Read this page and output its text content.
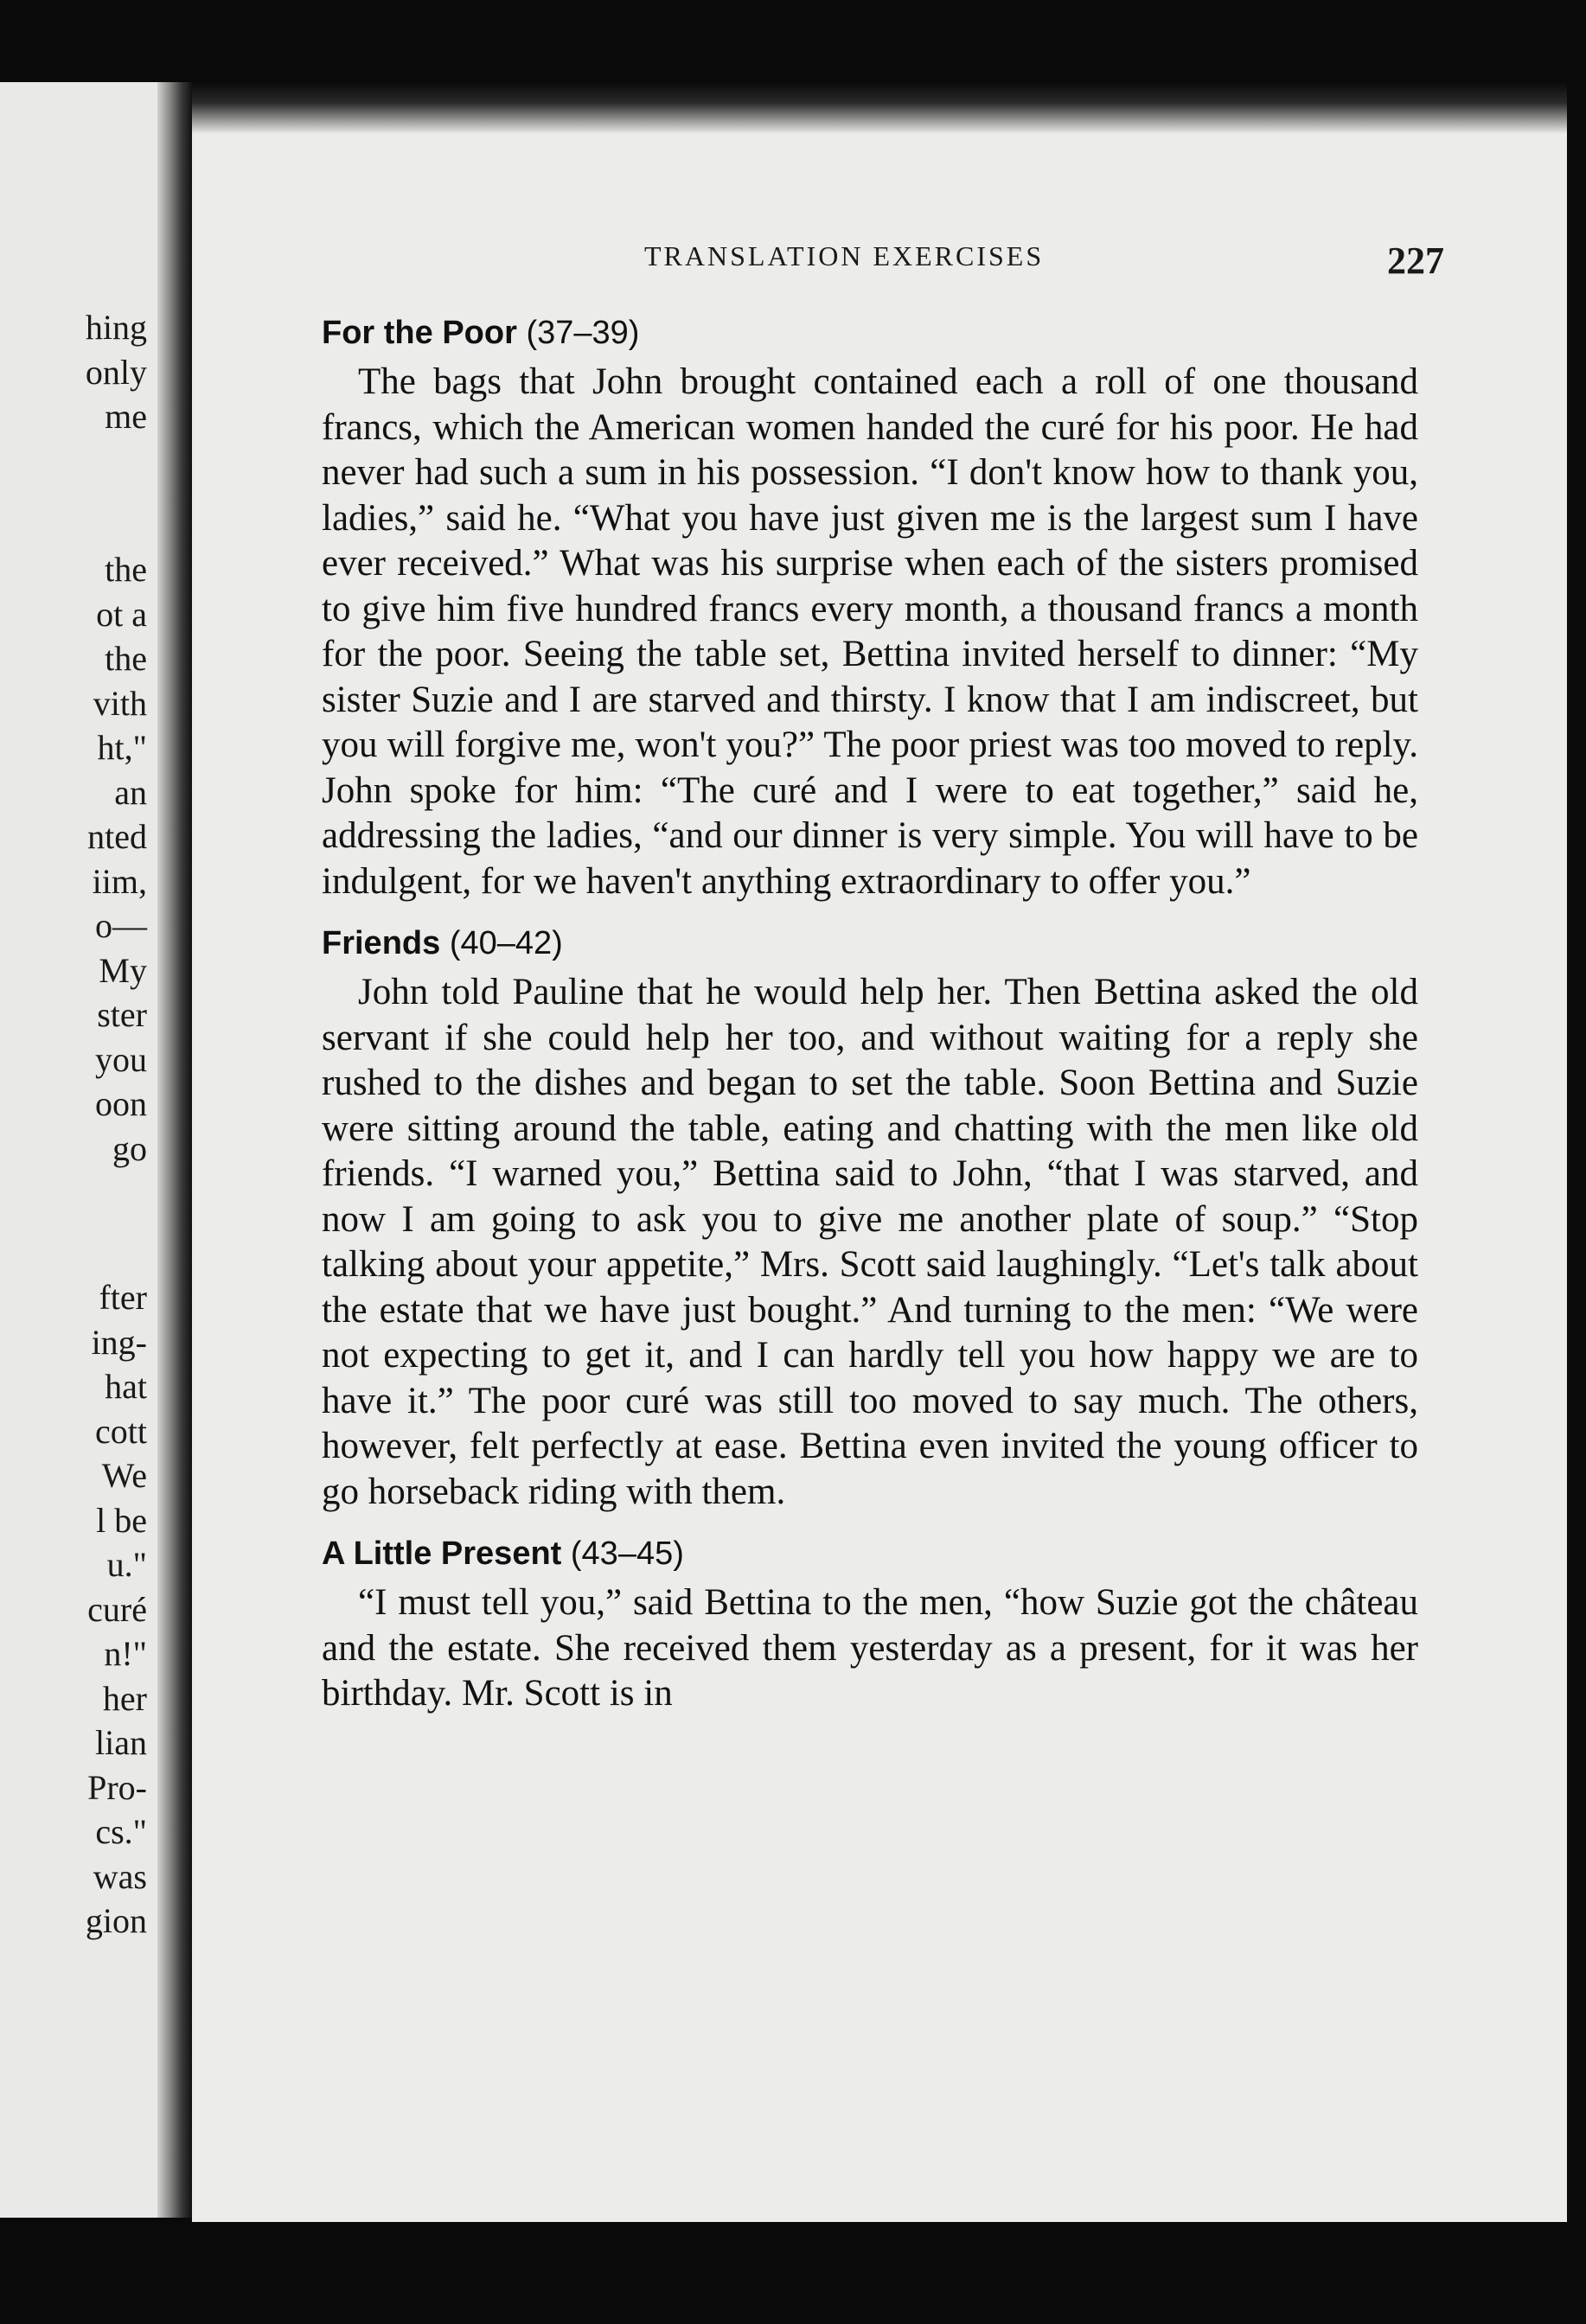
hing
only
me
the
ot a
the
vith
ht,"
an
nted
iim,
o—
My
ster
you
oon
go
fter
ing-
hat
cott
We
l be
u."
curé
n!"
her
lian
Pro-
cs."
was
gion
TRANSLATION EXERCISES	227
For the Poor (37–39)

The bags that John brought contained each a roll of one thousand francs, which the American women handed the curé for his poor. He had never had such a sum in his possession. “I don't know how to thank you, ladies,” said he. “What you have just given me is the largest sum I have ever received.” What was his surprise when each of the sisters promised to give him five hundred francs every month, a thousand francs a month for the poor. Seeing the table set, Bettina invited herself to dinner: “My sister Suzie and I are starved and thirsty. I know that I am indiscreet, but you will forgive me, won't you?” The poor priest was too moved to reply. John spoke for him: “The curé and I were to eat together,” said he, addressing the ladies, “and our dinner is very simple. You will have to be indulgent, for we haven't anything extraordinary to offer you.”

Friends (40–42)

John told Pauline that he would help her. Then Bettina asked the old servant if she could help her too, and without waiting for a reply she rushed to the dishes and began to set the table. Soon Bettina and Suzie were sitting around the table, eating and chatting with the men like old friends. “I warned you,” Bettina said to John, “that I was starved, and now I am going to ask you to give me another plate of soup.” “Stop talking about your appetite,” Mrs. Scott said laughingly. “Let's talk about the estate that we have just bought.” And turning to the men: “We were not expecting to get it, and I can hardly tell you how happy we are to have it.” The poor curé was still too moved to say much. The others, however, felt perfectly at ease. Bettina even invited the young officer to go horseback riding with them.

A Little Present (43–45)

“I must tell you,” said Bettina to the men, “how Suzie got the château and the estate. She received them yesterday as a present, for it was her birthday. Mr. Scott is in
